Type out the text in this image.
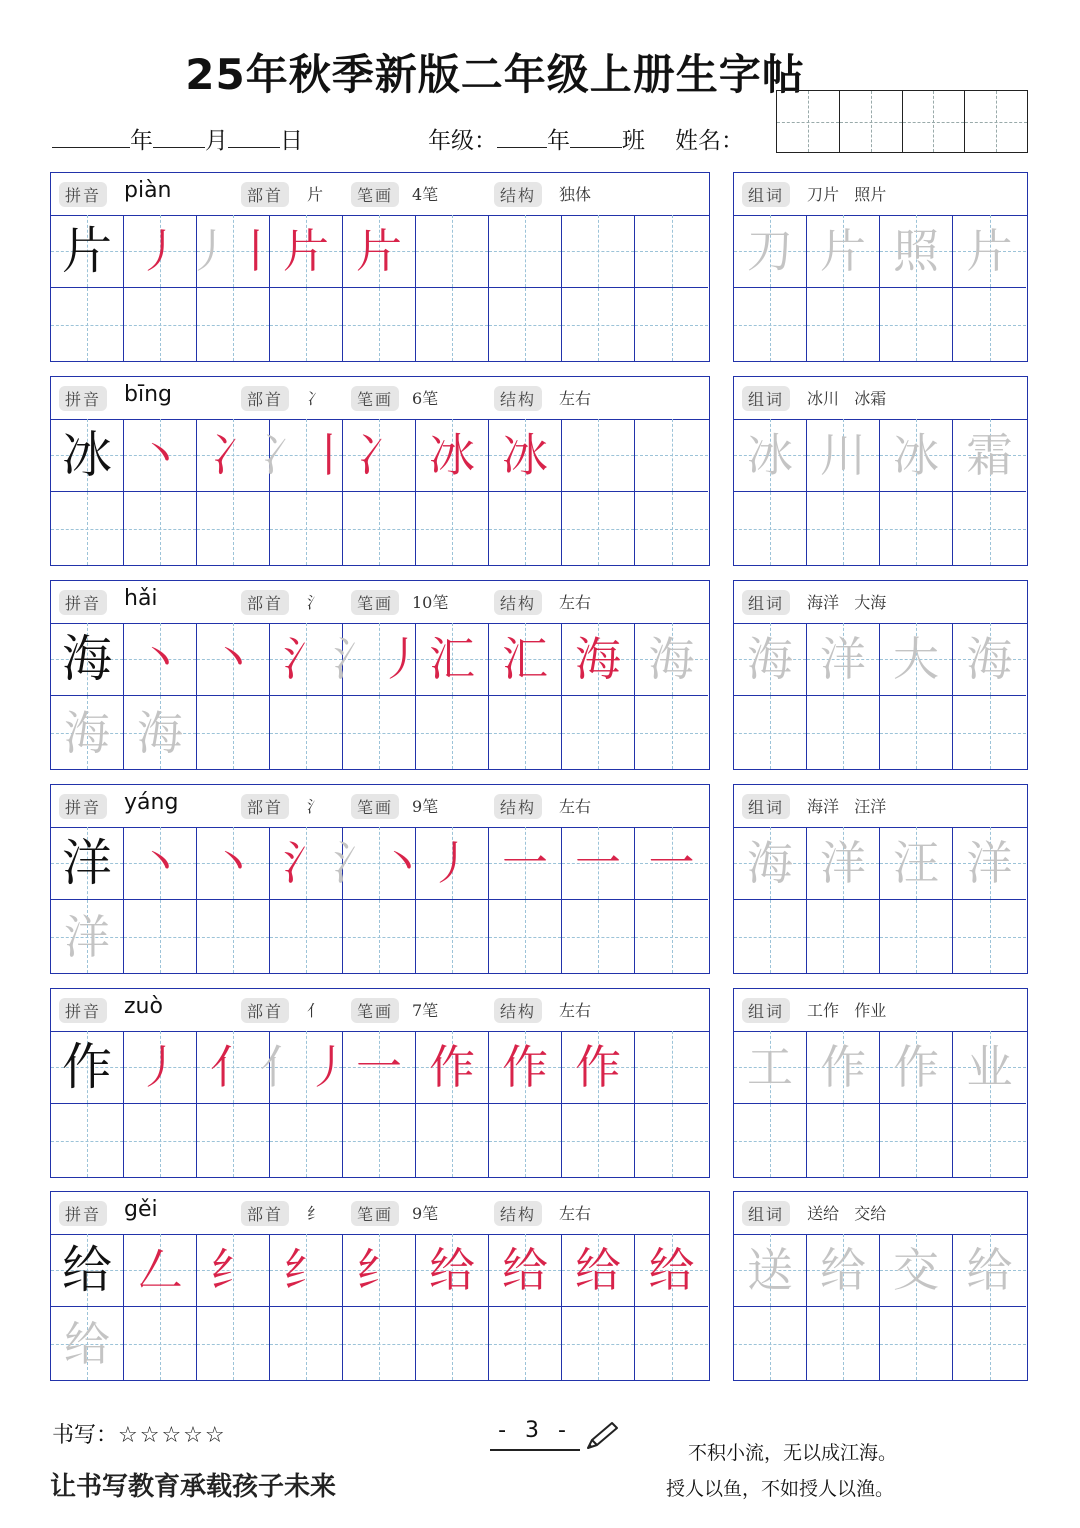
25年秋季新版二年级上册生字帖
年 月 日	年级： 年 班 姓名：
拼音 piàn	部首	片	笔画	4笔	结构	独体
片 丿 丿 丨 片 片
组词	刀片   照片
刀 片 照 片
拼音 bīng	部首	冫	笔画	6笔	结构	左右
冰 丶 冫 冫 丨 冫 冰 冰
组词	冰川   冰霜
冰 川 冰 霜
拼音 hǎi	部首	氵	笔画	10笔	结构	左右
海 丶 丶 氵 氵 丿 汇 汇 海 海
海 海
组词	海洋   大海
海 洋 大 海
拼音 yáng	部首	氵	笔画	9笔	结构	左右
洋 丶 丶 氵 氵 丶 丿 一 一 一
洋
组词	海洋   汪洋
海 洋 汪 洋
拼音 zuò	部首	亻	笔画	7笔	结构	左右
作 丿 亻 亻 丿 一 作 作 作
组词	工作   作业
工 作 作 业
拼音 gěi	部首	纟	笔画	9笔	结构	左右
给 𠃋 纟 纟 纟 给 给 给 给
给
组词	送给   交给
送 给 交 给
书写：☆☆☆☆☆
让书写教育承载孩子未来
- 3 -
不积小流，无以成江海。
授人以鱼，不如授人以渔。
